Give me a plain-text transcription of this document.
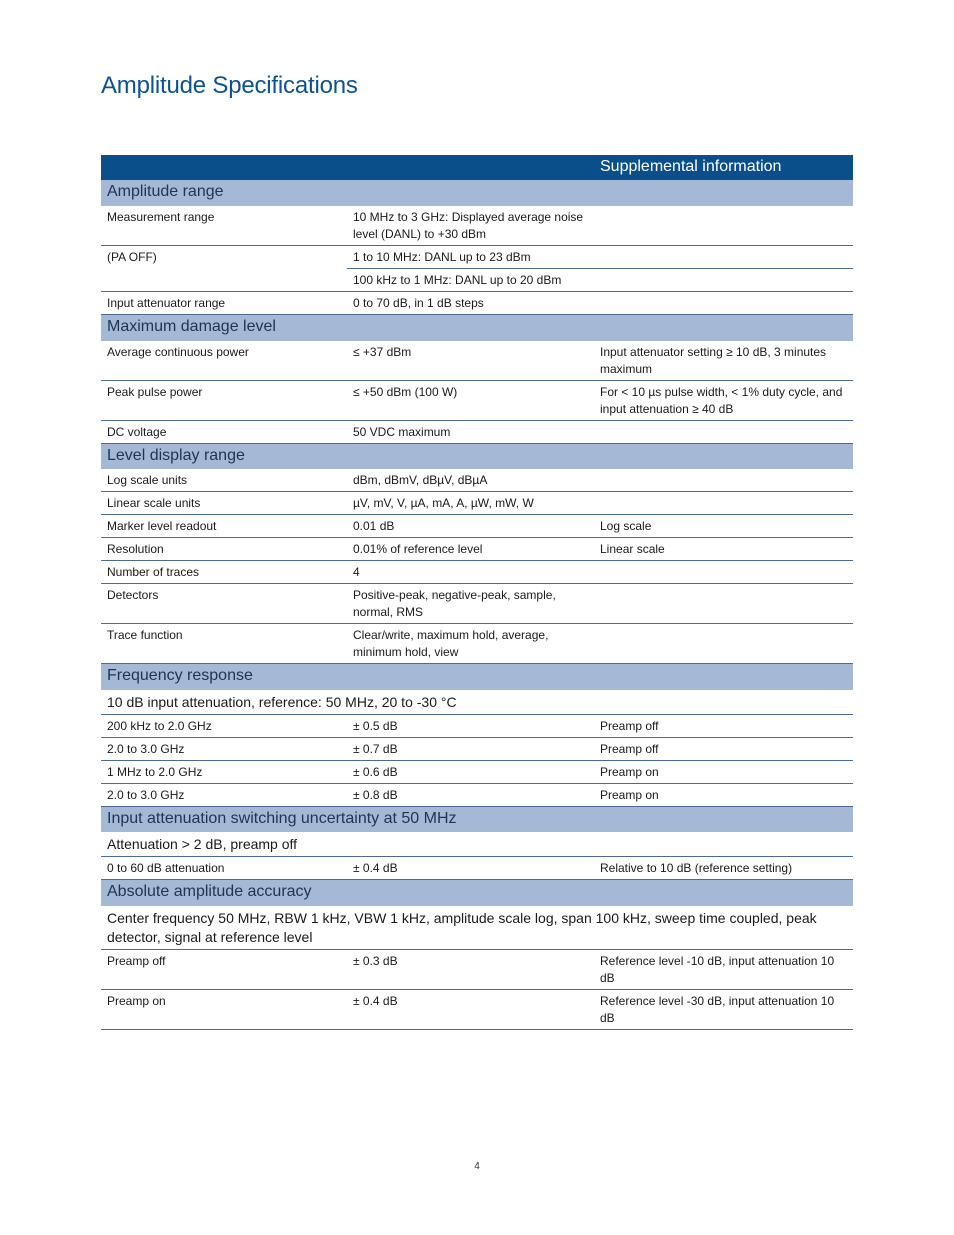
Amplitude Specifications
		Supplemental information
Amplitude range		
Measurement range	10 MHz to 3 GHz: Displayed average noise level (DANL) to +30 dBm	
(PA OFF)	1 to 10 MHz: DANL up to 23 dBm	
	100 kHz to 1 MHz: DANL up to 20 dBm	
Input attenuator range	0 to 70 dB, in 1 dB steps	
Maximum damage level		
Average continuous power	≤ +37 dBm	Input attenuator setting ≥ 10 dB, 3 minutes maximum
Peak pulse power	≤ +50 dBm (100 W)	For < 10 µs pulse width, < 1% duty cycle, and input attenuation ≥ 40 dB
DC voltage	50 VDC maximum	
Level display range		
Log scale units	dBm, dBmV, dBµV, dBµA	
Linear scale units	µV, mV, V, µA, mA, A, µW, mW, W	
Marker level readout	0.01 dB	Log scale
Resolution	0.01% of reference level	Linear scale
Number of traces	4	
Detectors	Positive-peak, negative-peak, sample, normal, RMS	
Trace function	Clear/write, maximum hold, average, minimum hold, view	
Frequency response		
10 dB input attenuation, reference: 50 MHz, 20 to -30 °C		
200 kHz to 2.0 GHz	± 0.5 dB	Preamp off
2.0 to 3.0 GHz	± 0.7 dB	Preamp off
1 MHz to 2.0 GHz	± 0.6 dB	Preamp on
2.0 to 3.0 GHz	± 0.8 dB	Preamp on
Input attenuation switching uncertainty at 50 MHz		
Attenuation > 2 dB, preamp off		
0 to 60 dB attenuation	± 0.4 dB	Relative to 10 dB (reference setting)
Absolute amplitude accuracy		
Center frequency 50 MHz, RBW 1 kHz, VBW 1 kHz, amplitude scale log, span 100 kHz, sweep time coupled, peak detector, signal at reference level		
Preamp off	± 0.3 dB	Reference level -10 dB, input attenuation 10 dB
Preamp on	± 0.4 dB	Reference level -30 dB, input attenuation 10 dB
4
